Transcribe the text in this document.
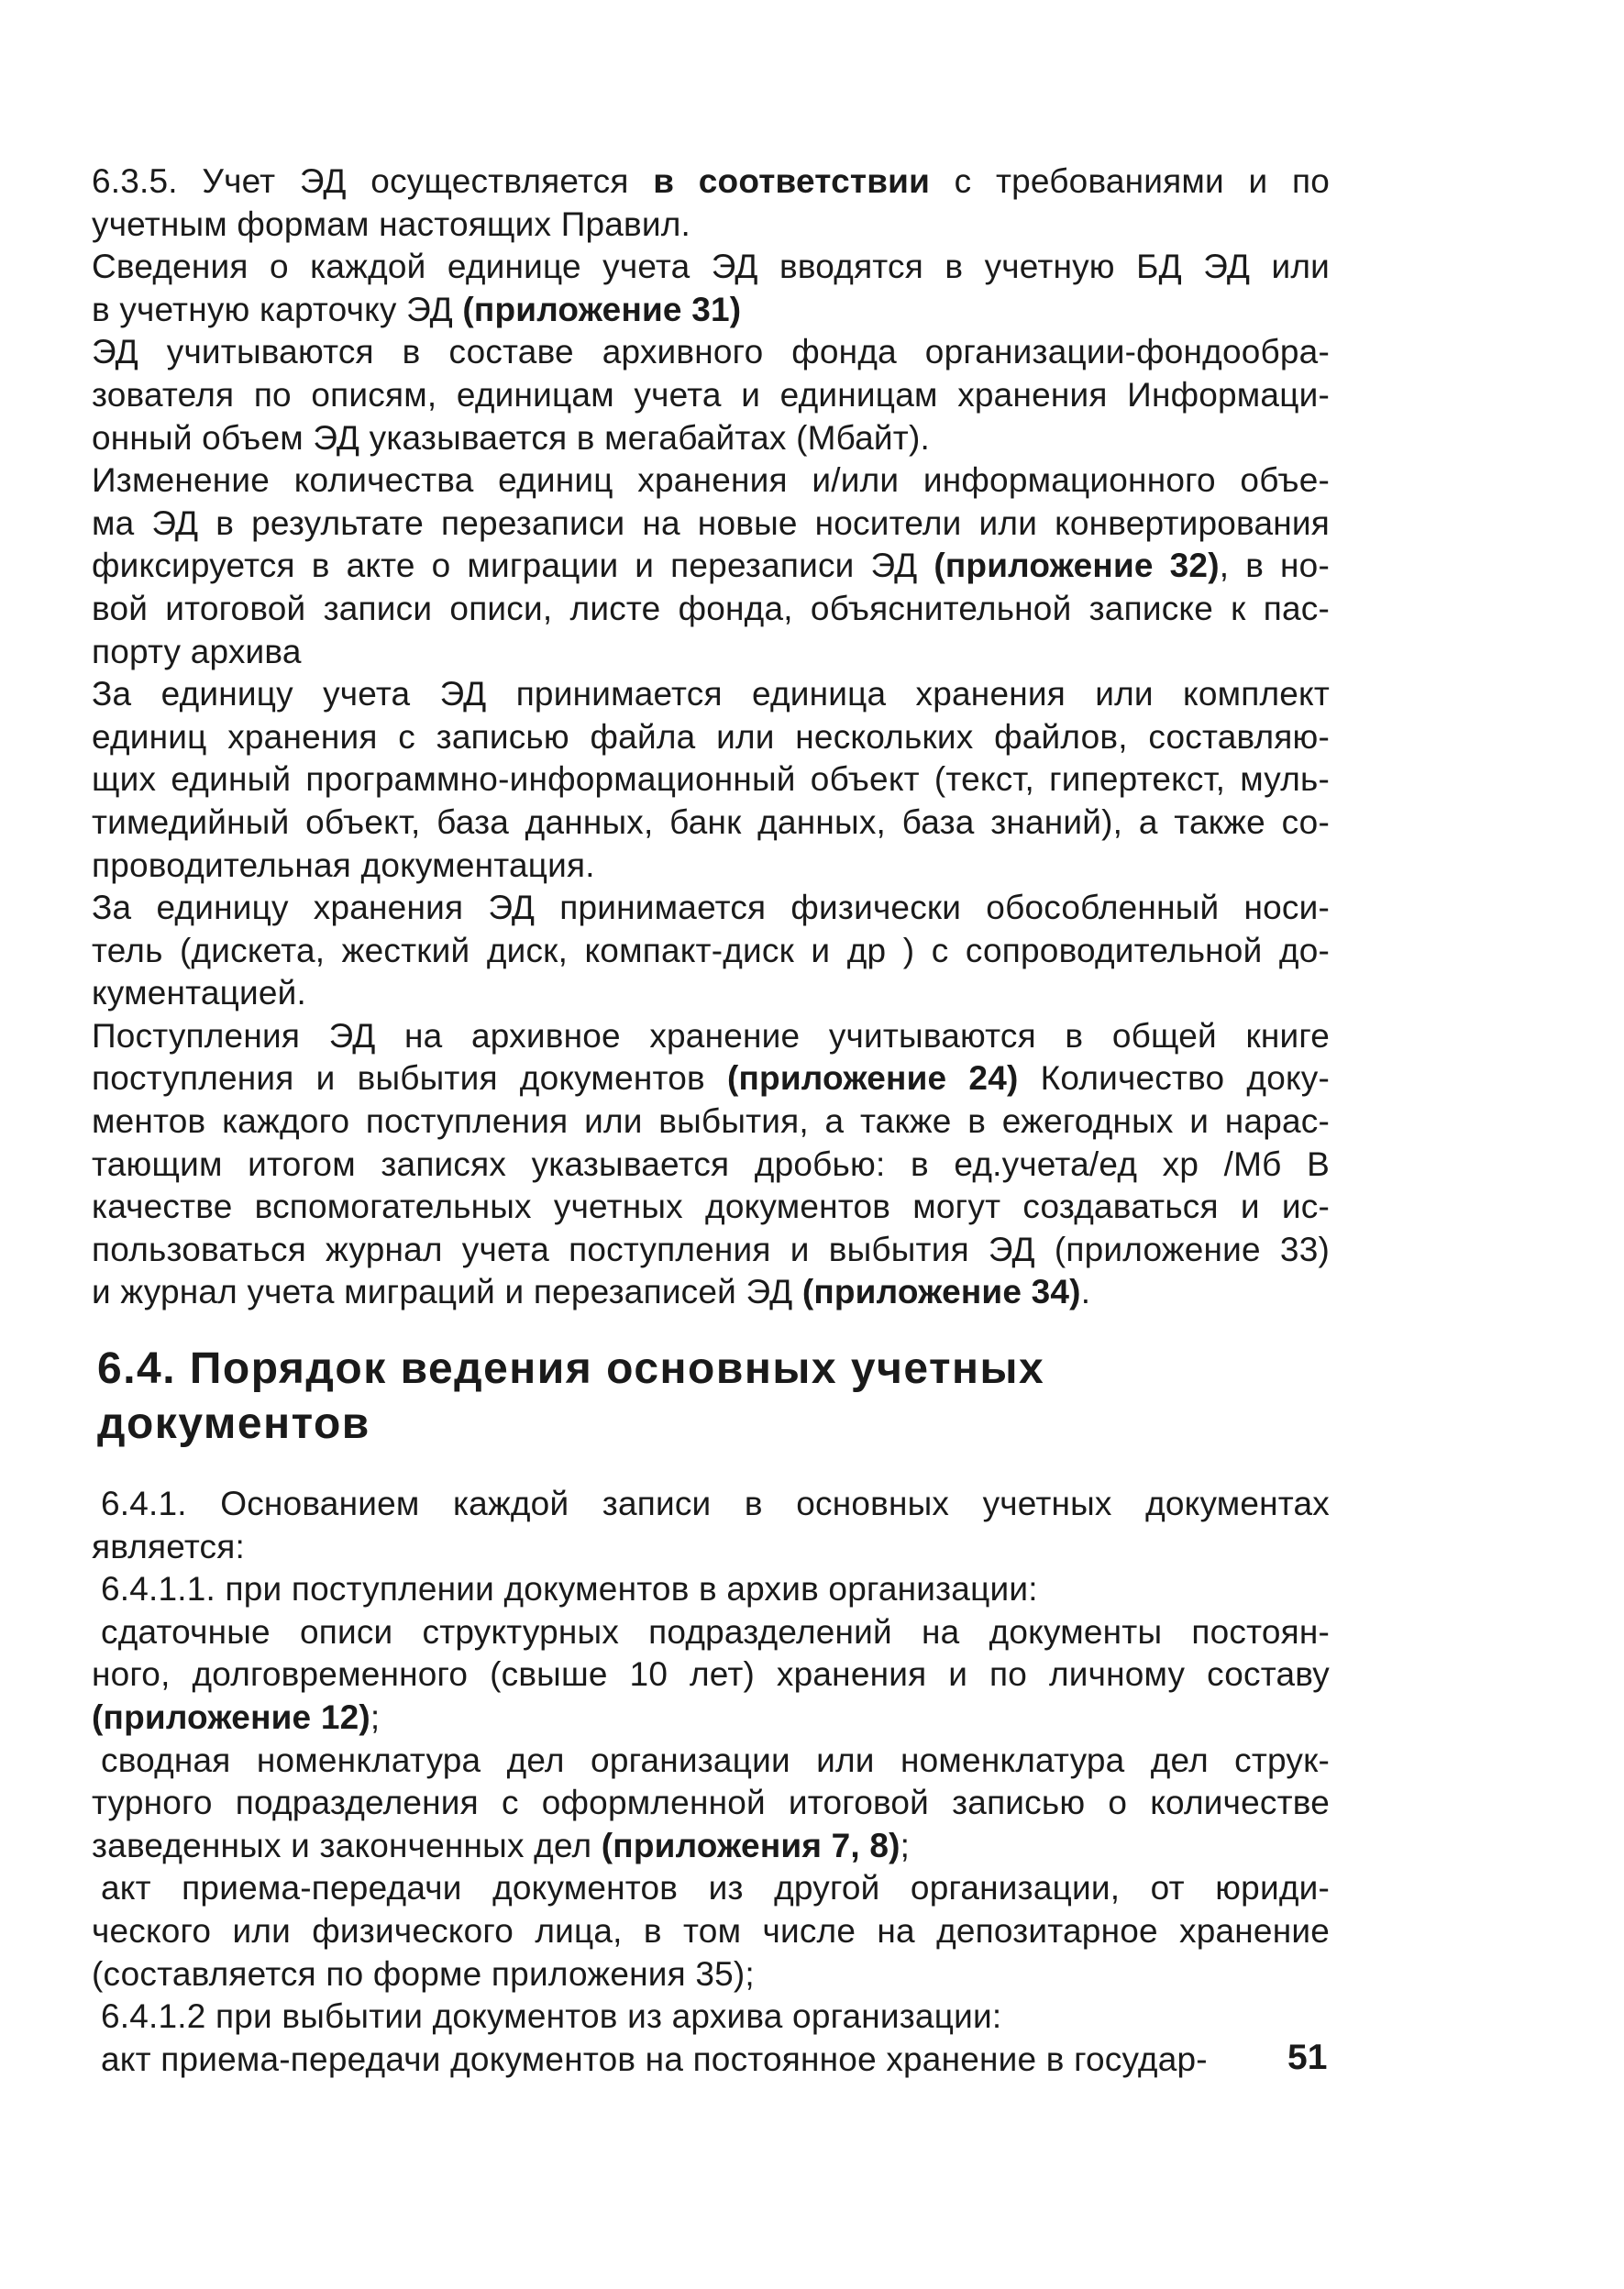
6.3.5. Учет ЭД осуществляется в соответствии с требованиями и по
учетным формам настоящих Правил.
Сведения о каждой единице учета ЭД вводятся в учетную БД ЭД или
в учетную карточку ЭД (приложение 31)
ЭД учитываются в составе архивного фонда организации-фондообра-
зователя по описям, единицам учета и единицам хранения Информаци-
онный объем ЭД указывается в мегабайтах (Мбайт).
Изменение количества единиц хранения и/или информационного объе-
ма ЭД в результате перезаписи на новые носители или конвертирования
фиксируется в акте о миграции и перезаписи ЭД (приложение 32), в но-
вой итоговой записи описи, листе фонда, объяснительной записке к пас-
порту архива
За единицу учета ЭД принимается единица хранения или комплект
единиц хранения с записью файла или нескольких файлов, составляю-
щих единый программно-информационный объект (текст, гипертекст, муль-
тимедийный объект, база данных, банк данных, база знаний), а также со-
проводительная документация.
За единицу хранения ЭД принимается физически обособленный носи-
тель (дискета, жесткий диск, компакт-диск и др ) с сопроводительной до-
кументацией.
Поступления ЭД на архивное хранение учитываются в общей книге
поступления и выбытия документов (приложение 24) Количество доку-
ментов каждого поступления или выбытия, а также в ежегодных и нарас-
тающим итогом записях указывается дробью: в ед.учета/ед хр /Мб В
качестве вспомогательных учетных документов могут создаваться и ис-
пользоваться журнал учета поступления и выбытия ЭД (приложение 33)
и журнал учета миграций и перезаписей ЭД (приложение 34).
6.4. Порядок ведения основных учетных документов
6.4.1. Основанием каждой записи в основных учетных документах
является:
6.4.1.1. при поступлении документов в архив организации:
сдаточные описи структурных подразделений на документы постоян-
ного, долговременного (свыше 10 лет) хранения и по личному составу
(приложение 12);
сводная номенклатура дел организации или номенклатура дел струк-
турного подразделения с оформленной итоговой записью о количестве
заведенных и законченных дел (приложения 7, 8);
акт приема-передачи документов из другой организации, от юриди-
ческого или физического лица, в том числе на депозитарное хранение
(составляется по форме приложения 35);
6.4.1.2 при выбытии документов из архива организации:
акт приема-передачи документов на постоянное хранение в государ-	51
